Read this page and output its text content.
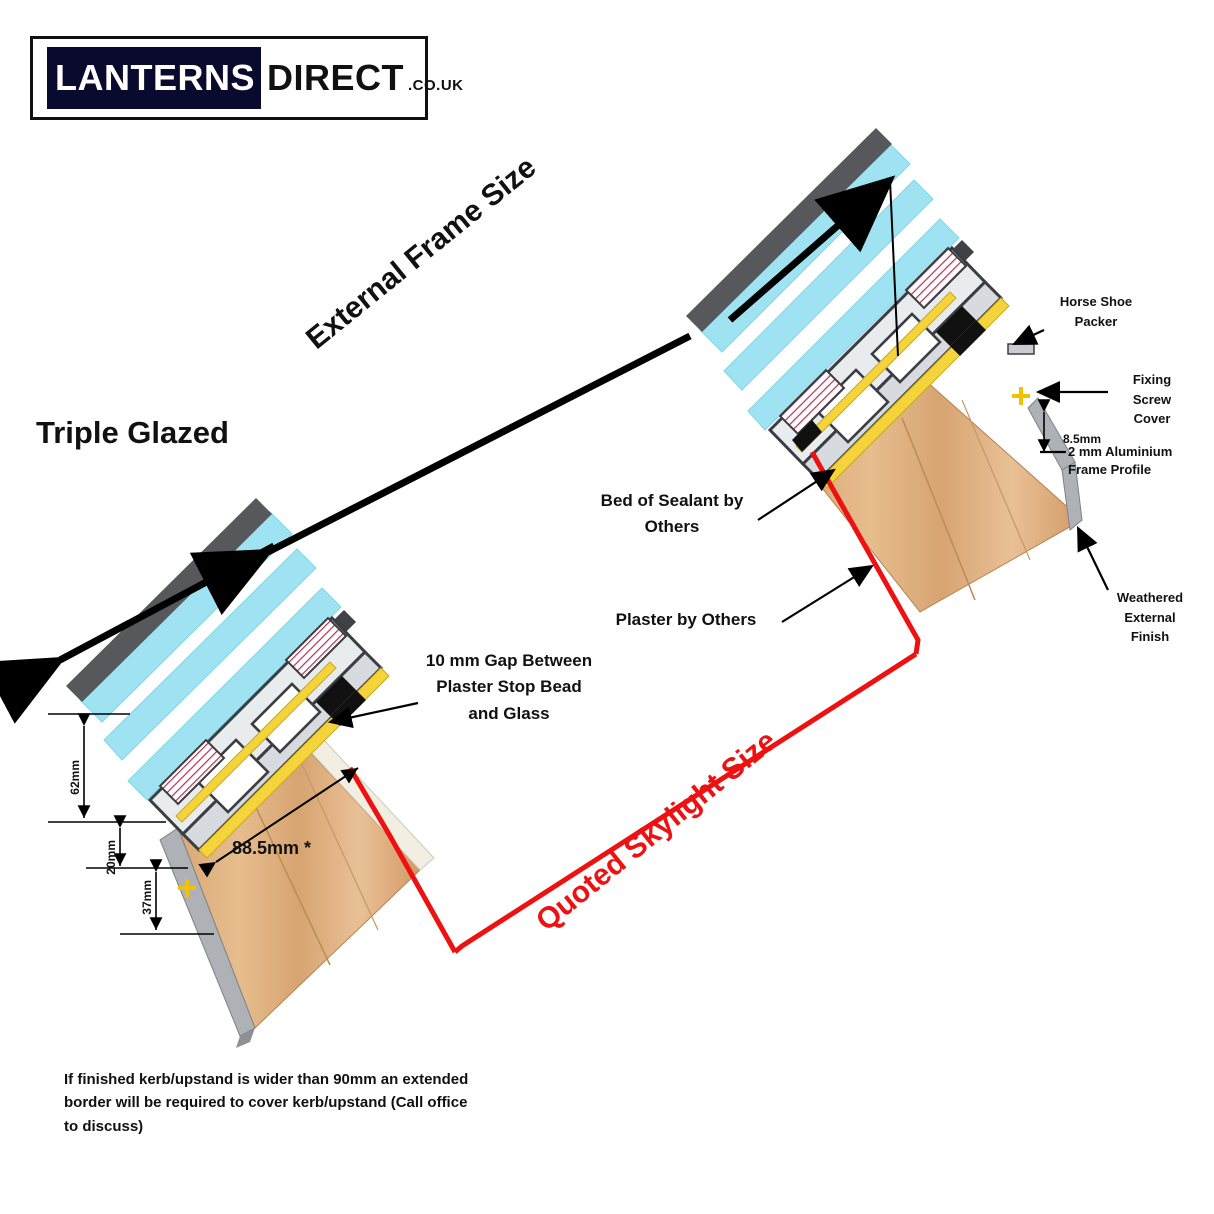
LANTERNS DIRECT .CO.UK
Triple Glazed
External Frame Size
Quoted Skylight Size
10 mm Gap Between Plaster Stop Bead and Glass
Bed of Sealant by Others
Plaster by Others
Horse Shoe Packer
Fixing Screw Cover
2 mm Aluminium Frame Profile
Weathered External Finish
8.5mm
88.5mm *
62mm
20mm
37mm
If finished kerb/upstand is wider than 90mm an extended border will be required to cover kerb/upstand (Call office to discuss)
